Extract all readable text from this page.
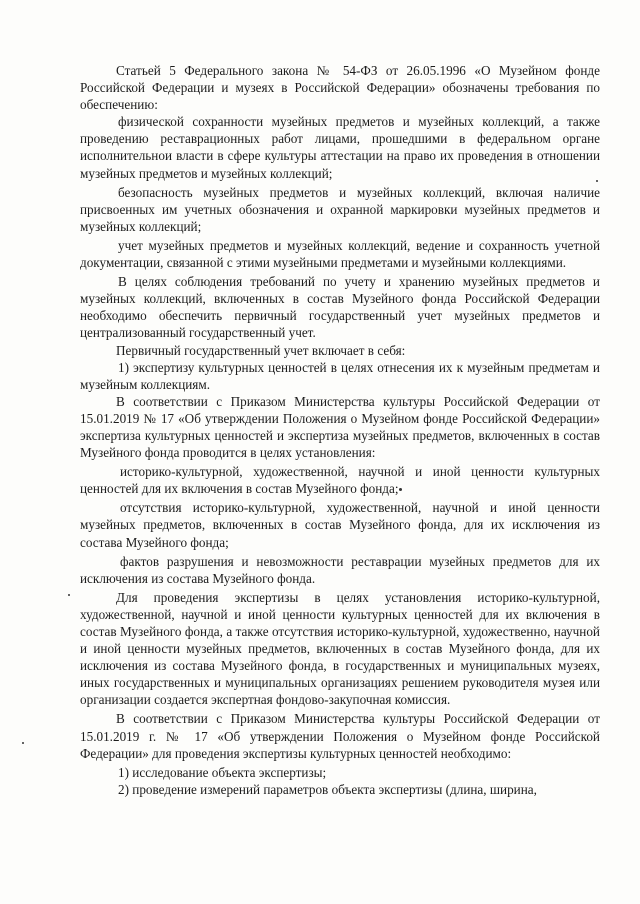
Статьей 5 Федерального закона № 54-ФЗ от 26.05.1996 «О Музейном фонде Российской Федерации и музеях в Российской Федерации» обозначены требования по обеспечению:

физической сохранности музейных предметов и музейных коллекций, а также проведению реставрационных работ лицами, прошедшими в федеральном органе исполнительнои власти в сфере культуры аттестации на право их проведения в отношении музейных предметов и музейных коллекций;

безопасность музейных предметов и музейных коллекций, включая наличие присвоенных им учетных обозначения и охранной маркировки музейных предметов и музейных коллекций;

учет музейных предметов и музейных коллекций, ведение и сохранность учетной документации, связанной с этими музейными предметами и музейными коллекциями.

В целях соблюдения требований по учету и хранению музейных предметов и музейных коллекций, включенных в состав Музейного фонда Российской Федерации необходимо обеспечить первичный государственный учет музейных предметов и централизованный государственный учет.

Первичный государственный учет включает в себя:

1) экспертизу культурных ценностей в целях отнесения их к музейным предметам и музейным коллекциям.

В соответствии с Приказом Министерства культуры Российской Федерации от 15.01.2019 № 17 «Об утверждении Положения о Музейном фонде Российской Федерации» экспертиза культурных ценностей и экспертиза музейных предметов, включенных в состав Музейного фонда проводится в целях установления:

историко-культурной, художественной, научной и иной ценности культурных ценностей для их включения в состав Музейного фонда;

отсутствия историко-культурной, художественной, научной и иной ценности музейных предметов, включенных в состав Музейного фонда, для их исключения из состава Музейного фонда;

фактов разрушения и невозможности реставрации музейных предметов для их исключения из состава Музейного фонда.

Для проведения экспертизы в целях установления историко-культурной, художественной, научной и иной ценности культурных ценностей для их включения в состав Музейного фонда, а также отсутствия историко-культурной, художественно, научной и иной ценности музейных предметов, включенных в состав Музейного фонда, для их исключения из состава Музейного фонда, в государственных и муниципальных музеях, иных государственных и муниципальных организациях решением руководителя музея или организации создается экспертная фондово-закупочная комиссия.

В соответствии с Приказом Министерства культуры Российской Федерации от 15.01.2019 г. № 17 «Об утверждении Положения о Музейном фонде Российской Федерации» для проведения экспертизы культурных ценностей необходимо:

1) исследование объекта экспертизы;

2) проведение измерений параметров объекта экспертизы (длина, ширина,
